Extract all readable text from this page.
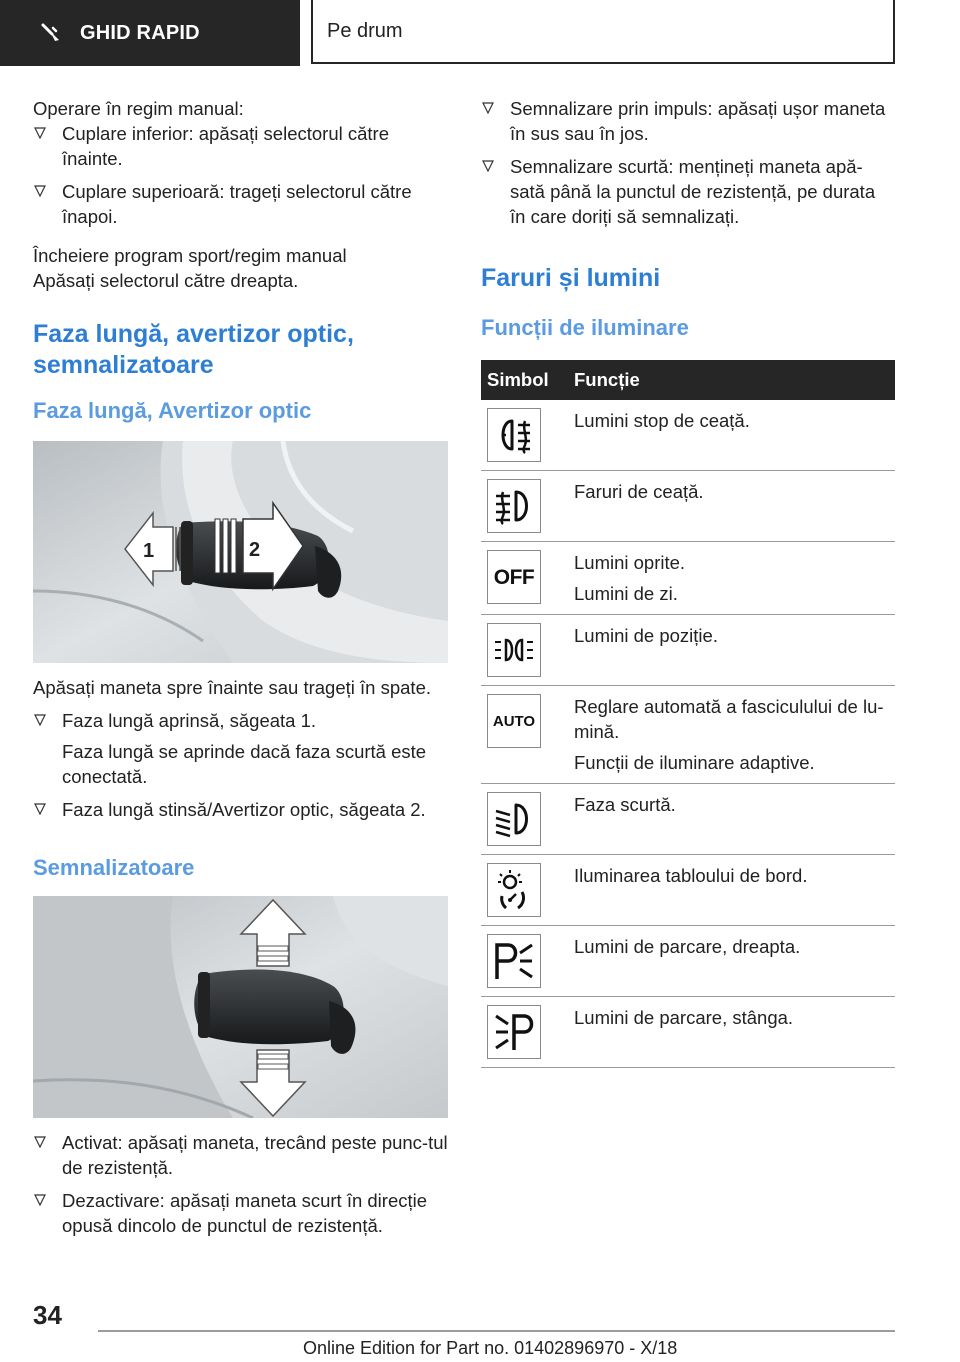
GHID RAPID	Pe drum

Operare în regim manual:

Cuplare inferior: apăsați selectorul către înainte.
Cuplare superioară: trageți selectorul către înapoi.

Încheiere program sport/regim manual

Apăsați selectorul către dreapta.

Faza lungă, avertizor optic, semnalizatoare
Faza lungă, Avertizor optic
1	2

Apăsați maneta spre înainte sau trageți în spate.

Faza lungă aprinsă, săgeata 1.
Faza lungă se aprinde dacă faza scurtă este conectată.
Faza lungă stinsă/Avertizor optic, săgeata 2.
Semnalizatoare
Activat: apăsați maneta, trecând peste punc-tul de rezistență.
Dezactivare: apăsați maneta scurt în direcție opusă dincolo de punctul de rezistență.
Semnalizare prin impuls: apăsați ușor maneta în sus sau în jos.
Semnalizare scurtă: mențineți maneta apă-sată până la punctul de rezistență, pe durata în care doriți să semnalizați.
Faruri și lumini
Funcții de iluminare
Simbol	Funcție

Lumini stop de ceață.

Faruri de ceață.

OFF	Lumini oprite.
Lumini de zi.

Lumini de poziție.

AUTO	Reglare automată a fasciculului de lu-mină.
Funcții de iluminare adaptive.

Faza scurtă.

Iluminarea tabloului de bord.

Lumini de parcare, dreapta.

Lumini de parcare, stânga.
34
Online Edition for Part no. 01402896970 - X/18
